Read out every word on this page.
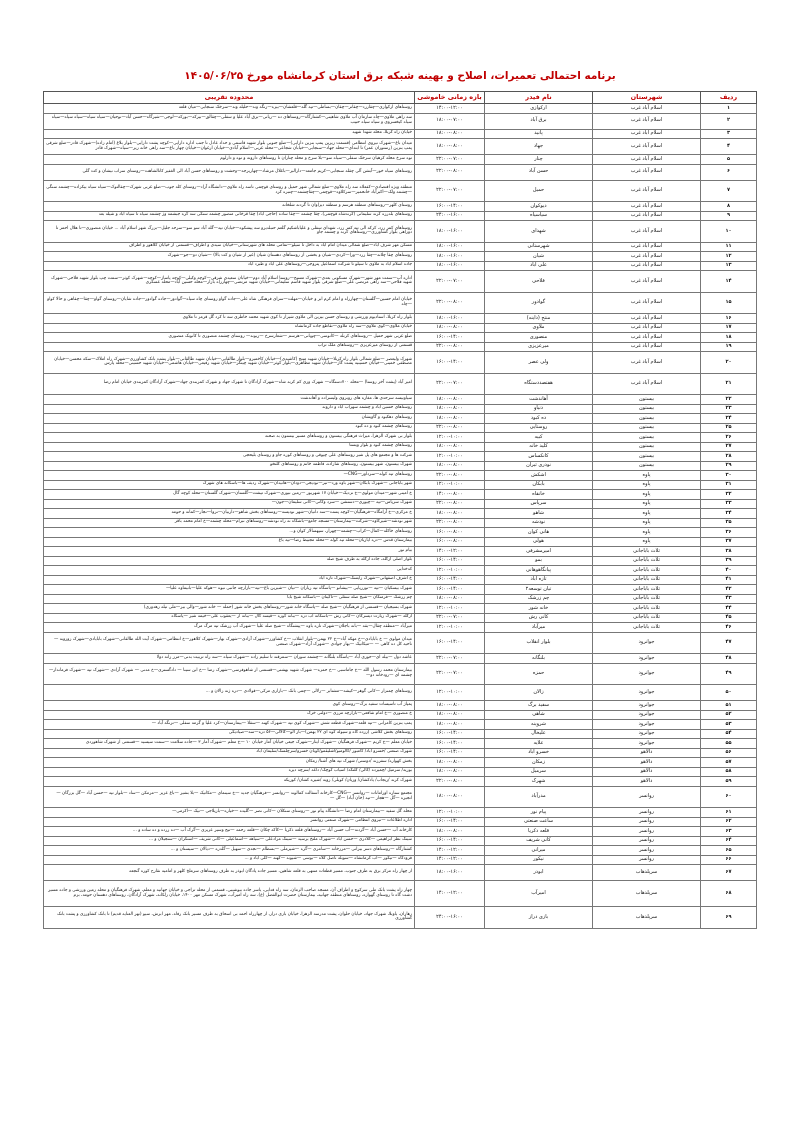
برنامه احتمالی تعمیرات، اصلاح و بهینه شبکه برق استان کرمانشاه مورخ ۱۴۰۵/۰۶/۲۵
ردیف	شهرستان	نام فیدر	بازه زمانی خاموشی	محدوده تقریبی
۱	اسلام آباد غرب	ارکوازی	۱۴:۰۰-۱۲:۰۰	روستاهای ارکوازی—چقازرد—چقانر—چقان—بساطی—تپه گله—قلعشان—بیزه—زنگه وند—حلیله وند—سرخک سنجابی—میان قلعه
۲	اسلام آباد غرب	برق آباد	۱۸:۰۰-۰۷:۰۰	سه راهی ملاوی—چاه سازمان آب ملاوی شاهینی—کشتارگاه—روستاهای ده —ریانی—برق آباد علیا و سفلی—چقالق—بیرکه—بورکه—لوجی—شیرگاه—حسن آباد—نوحیان—سیاه سیاه—سیاه سیاه—سیاه سیاه کیخسروی و سیاه سیاه حبیب
۳	اسلام آباد غرب	پانید	۱۸:۰۰-۰۸:۰۰	خیابان راه کربلا، محله شهدا شهید
۴	اسلام آباد غرب	جهاد	۱۸:۰۰-۰۸:۰۰	میدان باغ—شهرک نیروی انتظامی (قسمت زیرین پمپ بنزین دارایی)—ضلع جنوبی بلوار شهید قاسمی و حداد عادل تا جنب اداره دارایی—کوچه پشت دارایی—بلوار بلاغ (امام زاده)—شهرک قادر—ضلع شرقی پمپ بنزین (رستوران عمر) تا ابتدای—محله جهاد—سنجابی—خیابان شجاعی—محله غربی—اسلام آبادی—خیابان ارغوان—خیابان چهار باغ—سه راهی خانه زیر—سیاه—شهرک قادر
۵	اسلام آباد غرب	چنار	۲۲:۰۰-۰۷:۰۰	توه سرخ محله کرهیان سرخک سفلی—سیاه سو—بلا سرخ و محله چناران تا روستاهای دارونه و توه و دارلوم
۶	اسلام آباد غرب	حسن آباد	۲۲:۰۰-۰۸:۰۰	روستاهای سیاه خور—آبشن آلی چقله سنجابی—کریم جامعه—دارالبر—باغلال مرشاد—چهاربرجه—وحشت و روستاهای حسن آباد الی الغفیر کانالشاهت—روستای سراب نیشان و کت گلی
۷	اسلام آباد غرب	حمیل	۲۲:۰۰-۰۷:۰۰	منطقه ویژه اقتصادی—کفعلاه سه راه ملاوی—ضلع شمالی شهر حمیل و روستای قوچمی تاسه راه ملاوی—دانشگاه آزاد—روستای کله جوب—ضلع غربی شهرک—چقالتوک—سیاه سیاه بیکزاده—چشمه سنگی—چشمه ولک—اکبرآباد خانحمیر—سرکلاوه—قوچمی—چقاچشمه—چنبره کرد
۸	اسلام آباد غرب	دیوکوان	۱۶:۰۰-۱۴:۰۰	روستای کلهر—روستاهای منطقه هرسم و منطقه دیزاوان تا گردنه شلخانه
۹	اسلام آباد غرب	سیاسیاه	۲۴:۰۰-۱۶:۰۰	روستاهای بلدرزه کرند سلیمانی (کرندشاه قوچمی)، چقا چشمه —چقا ساده (حاجی آباد) چقا قرخانی منصور چشمه سنگی سه گره جبشمه وژ چشمه سیاه تا سیاه آباد و شیله بعد
۱۰	اسلام آباد غرب	شهدای	۱۸:۰۰-۱۶:۰۰	روستاهای کمر زرد، کرکه الی تپه کمر زرد، شهدای سفلی و علیاباشکیم گلعم حنبلدیرو سه پیشکوه—خیابان تپه—گله آباد سو سو—سرحد جلیل—بزرگ شهر اسلام آباد ... خیابان منصوری—تا هلال احمر تا دوراهی بلوار کشاورزی—روستاهای کرند و چشمه جاو
۱۱	اسلام آباد غرب	شهرستانی	۱۸:۰۰-۱۶:۰۰	مسکن مهر شرف آباد—ضلع شمالی میدان امام آباد به داخل تا سیلو—تمامی محله های شهرستانی—خیابان سیدی و اطراف—قسمتی از خیابان کلاهور و اطراف
۱۲	اسلام آباد غرب	شیان	۱۸:۰۰-۱۶:۰۰	روستاهای چقا چلانه—چقا زرد—ورا—کردی—شیان و بخشی از روستاهای دهستان شیان (غیر از شیان و کت بالا) —شیان دو—جو—شهرک
۱۳	اسلام آباد غرب	علی آباد	۱۸:۰۰-۱۶:۰۰	جاده اسلام آباد به ملاوی تا سیلو تا شرکت اسماعیل پتروجی—روستاهای علی آباد و طبرد آباد
۱۴	اسلام آباد غرب	فلاحی	۲۲:۰۰-۰۷:۰۰	اداره آب—سمت مهر شهر—شهرک مسکونی بعدی—شهرک مسیح—روستا اسلام آباد دوم—خیابان سعیدی شرقی—کوچه وکیلی—کوچه پاساژ—کوچه—شهرک کوثر—سمت چپ بلوار شهید فلاحی—شهرک شهید فلاحی—سه راهی مرتضی علی—ضلع شرقی بلوار شهید قاسم سلیمانی—خیابان شهید مرتضی—چهارراه بازار—محله حسین آباد—محله عسکری
۱۵	اسلام آباد غرب	گوادور	۲۲:۰۰-۰۸:۰۰	خیابان امام حسین—گلستان—چهارراه و امام کرم ابر و خیابان—مهلت—سرای فرهنگی شاه علی—جاده گواو روستای چاه سیاه—گوادور—جاده گوادور—جاده شایان—روستای گواو—چقا—چقاهی و حالا کواو—چاه
۱۶	اسلام آباد غرب	منتج (داینه)	۱۸:۰۰-۱۶:۰۰	بلوار راه کربلا، استادیوم ورزشی و روستای حسن بیزین الی ملاوی شیراز تا کوی شهید محمد خاطری سه تا کرد گل قرمز تا ملاوی
۱۷	اسلام آباد غرب	ملاوی	۱۸:۰۰-۰۸:۰۰	خیابان ملاوی—کوی ملاوی—سه راه ملاوی—تقاطع جاده کرمانشاه
۱۸	اسلام آباد غرب	منصوری	۱۶:۰۰-۱۴:۰۰	ضلع غربی شهر حمیل —روستاهای کرنله —کانوسی—چوپانی—هرسم —شعارسرخ —زبوند— روستای چشمه منصوری تا کانونک منصوری
۱۹	اسلام آباد غرب	میرعزیزی	۲۲:۰۰-۰۸:۰۰	قسمتی از روستای میرعزیزی —روستاهای ملک تراب
۲۰	اسلام آباد غرب	ولی عصر	۱۶:۰۰-۱۴:۰۰	شهرک ولیعصر —ضلع شمالی بلوار راه کربلا—خیابان شهید منتج (کاشیدی)—خیابان کاخمیرو—بلوار طالقانی—خیابان شهید طالقانی—بلوار پشت بانک کشاورزی—شهرک راه املاک—سکه محسن—خیابان مصطفی خمینی—خیابان حسینیه پشت گاز—خیابان شهید مظاهری—بلوار کوثر—خیابان شهید چیتگر—خیابان شهید رفیعی—خیابان هاشمی—خیابان شهید حسینی—محله پارس
۲۱	اسلام آباد غرب	هفتصددستگاه	۲۲:۰۰-۰۷:۰۰	امیر آباد (پشت آخر روستا) —محله ۷۰۰دستگاه— شهرک وزی کم کرند شاه—شهرک آزادگان تا شهرک جهاد و شهرک کمربندی جهاد—شهرک آزادگان کمربندی خیابان امام رضا
۲۲	بیستون	آهاندشت	۱۸:۰۰-۰۸:۰۰	سیاونیسه سرحدی ها، مغازه های روبروی ولیسراده و آهاندشت
۲۳	بیستون	دنیاو	۱۸:۰۰-۰۸:۰۰	روستاهای حسین آباد و چشمه سهراب آباد و داروند
۲۴	بیستون	ده کبود	۱۸:۰۰-۰۸:۰۰	روستاهای دهکبود و گاویشان
۲۵	بیستون	روستایی	۲۲:۰۰-۰۸:۰۰	روستاهای چشمه کبود و ده کبود
۲۶	بیستون	کبیه	۱۲:۰۰-۱۰:۰۰	بلوار بی شهرک الزهرا، میراث فرهنگی بیستون و روستاهای مسیر بیستون به صحنه
۲۷	بیستون	کلید خانه	۱۸:۰۰-۰۸:۰۰	روستاهای چشمه کبود و بلوار ویستا
۲۸	بیستون	کانکساس	۱۲:۰۰-۱۰:۰۰	شرکت ها و مجتمع های پل شیر روستاهای علی چپوقی و روستاهای کوره جاو و روستای بلیحجی
۲۹	بیستون	نوذری ثیران	۱۸:۰۰-۰۸:۰۰	شهرک بیستون، شهر بیستون، روستاهای شازاده، فاطمه خانم و روستاهای کلنخو
۳۰	پاوه	اشکش	۲۲:۰۰-۰۸:۰۰	روستاهای تپه کوله—سرداور—CNG—
۳۱	پاوه	بابکان	۱۲:۰۰-۱۰:۰۰	شهر باباجانی —شهرک بابکان—شهر باوه ورد—نیر—نودیجی—دودان—هانیدان—شهرک ردیف ها—باسکانه های شهرک
۳۲	پاوه	خانقاه	۱۴:۰۰-۰۸:۰۰	خ امینی شهر—میدان مولوی—خ نزدیک—خیابان ۱۷ شهریور —زمین نیوری—شهرک تپشت—گلستان—شهرک گلستان—محله کوچه گال
۳۳	پاوه	سرپاس	۲۲:۰۰-۰۸:۰۰	شهرک سرپاس—تپه —چپوری—دستشن —سرد وگانی—کانی سلیمان—جون—
۳۴	پاوه	شاهو	۱۸:۰۰-۰۸:۰۰	خ مرکزی—خ آرامگاه—فرهنگیان—کوچه پست—سه دانیان—شهر نودیسه—روستاهای بخش شاهو—داربیان—نروا—نجار—کمانه و حومه
۳۵	پاوه	نودشه	۲۲:۰۰-۰۸:۰۰	شهر نودشه—شیرکاوه—شرکت—بیمارستان—مسجد جامع—باشگاه نه راه نودشه—روستاهای نبرام—محله چشمه—خ امام محمد باقر
۳۶	پاوه	هانی کوان	۱۶:۰۰-۰۸:۰۰	روستاهای خاکله—کمال—کراب—چشمه—چهرار، سپهسالار کوان و...
۳۷	پاوه	هولی	۱۶:۰۰-۰۸:۰۰	بیمارستان قدس —دره ایازیان—محله تپه کوله —محله مجبیط رضا—تپه باغ
۳۸	ثلاث باباجانی	امیرمشرفی	۱۴:۰۰-۱۲:۰۰	بیام نور
۳۹	ثلاث باباجانی	بمو	۱۶:۰۰-۱۴:۰۰	بلوار اصلی ازگله، جاده ازگله به طرف شیخ صله
۴۰	ثلاث باباجانی	پیانگاهوهانی	۱۲:۰۰-۱۰:۰۰	کدخدایی
۴۱	ثلاث باباجانی	تازه آباد	۱۶:۰۰-۱۴:۰۰	خ اشرف اصفهانی—شهرک زایسک—شهرک تازه آباد
۴۲	ثلاث باباجانی	تیان توسعه۲	۱۶:۰۰-۱۴:۰۰	شهرک بیسکیان —تپه —نوزریایی —بیشانو —پاسگاه تپه زیاران —تیان —شیرین باغ—تپه—بازارچه جانبی نیوه —هوکه علیا—بانیماوه علیا—
۴۳	ثلاث باباجانی	چم زرشک	۱۸:۰۰-۰۸:۰۰	چم زرشک —فرمنکان —شیخ صله سفلی —تاکینان —باسکانه شیخ بابا
۴۴	ثلاث باباجانی	خانه شور	۱۲:۰۰-۱۰:۰۰	شهرک بسیجیان —قسمتی از فرهنگیان —شیخ صله —پاسگاه خانه شور—روستاهای بخش خانه شور (حمله — خانه شور—والی بیر—ملی تیله زهدوری)
۴۵	ثلاث باباجانی	کانی رش	۲۲:۰۰-۰۷:۰۰	ازگله —شهرک زیارت دیسرکان —کانی رش —باسکانه آب دره —ببانه کوره —قیسه گال —ببانه ار —یعقوب علی—خیمه شیر —پاسگاه
۴۶	ثلاث باباجانی	میرآباد	۱۲:۰۰-۱۰:۰۰	میرآباد —منطقه چقال—بقه —بانه باجلان—شهرک تازه باوه —پیشنگاه —شیخ صله علیا —شهرک آب زرشک تپه مرگ مرگ
۴۷	جوانرود	بلوار انقلاب	۱۶:۰۰-۱۴:۰۰	میدان مولوی — خ بابایادی—خ مهکه آباد—خ ۲۲ بهمن—بلوار انقلاب —خ کشاورز—شهرک آزادی—شهرک بهار—شهرک کلاهور—خ انتظامی—شهرک آیت الله طالقانی—شهرک بابایادی—شهرک زوزوبه —ناحیه کل ده کاهی — —میکانیک —بهار جوادی —شهرک آزاد—شهرک صنعتی
۴۸	جوانرود	بلنگانه	۲۲:۰۰-۰۷:۰۰	عاشه دول —بیله ای—حوری آباد —پاسگاه بلنگانه —چشمه سوران —سمرقند تا سلیم زاده —شهرک سیاه —سه راه تربیت بدنی—مرز زانه دولا
۴۹	جوانرود	حمزه	۲۲:۰۰-۰۷:۰۰	بیمارستان محمد رسول الله —خ جاماسبی —خ حمزه— شهرک شهید بهشتی—قسمتی از شاهوفرسی—شهرک رضا —خ ابن سینا — دادگستری—خ مدنی — شهرک آزادی —شهرک تپه —شهرک فرماندار—چشمه ای —رودخانه دو—
۵۰	جوانرود	زالان	۱۲:۰۰-۱۰:۰۰	روستاهای چمنزار —کانی گوهر—کیشه—مشتابر —زلالی —چمی بانک —بازاری مرکی—قولادی —دره ژنه زالان و ...
۵۱	جوانرود	سفید برگ	۱۸:۰۰-۰۸:۰۰	پمپاژ آب تاسیسات سفید برگ—روستای کوی
۵۲	جوانرود	شاهی	۱۸:۰۰-۰۸:۰۰	خ منصوری —خ امام شافعی—بازارچه مرزی —دولنی خرگ
۵۳	جوانرود	شروینه	۱۸:۰۰-۰۸:۰۰	پمپ بنزین کامرانی —تپه قلعه—شهرک قطعه شش —شهرک کوی تپه —شهرک کهنه —سقلا —بیمارستان—کرد علیا و گرمه سفلی —ترنگه آباد —
۵۴	جوانرود	علیخال	۱۶:۰۰-۱۴:۰۰	روستاهای بخش کلاشی (زرده گاه و سیوله کوه ای ۲۲ بهمن)—بار الو—گالالی—۵۶ دره—سه—صیادیکی
۵۵	جوانرود	علایه	۱۶:۰۰-۱۴:۰۰	خیابان معلم —خ کریم —شهرک فرهنگیان —شهرک ایثار—شهرک جیعی خیابان آمار خیابان ۱۰ —خ معلم —شهرک آمار ۳ —جاده سلامت —سمت سیسید —قسمتی از شهرک شاهوردی
۵۶	دالاهو	خسرو آباد	۱۶:۰۰-۱۴:۰۰	شهرک صنعتی /خسرو آباد/ گامبوز /کالومبو/اشلیقمو/گوبان خسرو/سرچلسک/سلیمان آباد
۵۷	دالاهو	زمکان	۱۸:۰۰-۰۸:۰۰	بخش کهواره/ سفرزند /دوستی/ شهرک تپه های آشنا/ زمکان
۵۸	دالاهو	سرمیل	۱۸:۰۰-۰۸:۰۰	بوریه/ سرمیل /چمیرده /کالی/ کلنگه/ آسیاب کوچک/ داغه /سرچه دیره
۵۹	دالاهو	شهرک	۲۲:۰۰-۰۸:۰۰	شهرک کرند /ریجاب/ یادکشان/ وزیان/ کویلی/ زوبه /شیره کشان/ کوزیکه
۶۰	روانسر	مدرآباد	۱۸:۰۰-۰۸:۰۰	مجتمع ستاره اورامانات —روانسر —CNG—کارخانه آسفالت کمالوند —روانسر —فرهنگیان جدید —خ سینمای —مکانیک —بلا بشیر —باغ عزیز —مرمکن —ساد —بلوار تپه —حسن آباد —گل بزرگان —انجیره —گل —هجار —تپه (خان آباد) —گل —
۶۱	روانسر	پیام نور	۱۲:۰۰-۱۰:۰۰	محله گل سفید —بیمارستان امام رضا —دانشگاه پیام نور —روستای سنکلان —کانی نصر —گلیده —خیاره—بازیلاجی —نیک —اکرمی—
۶۲	روانسر	ساعت صنعتی	۱۶:۰۰-۱۴:۰۰	اداره اطلاعات —نیروی انتظامی —شهرک صنعتی روانسر
۶۳	روانسر	قلعه ذکریا	۱۸:۰۰-۰۸:۰۰	کارخانه آب —حسن آباد —گردنه—آب حسن آباد —روستاهای قلعه ذکریا —کاکه چکان —قلعه رحمه —تیج وسیر عزیزی —گرک آب —ده زرده و ده ساده و ...
۶۴	روانسر	کانی شریف	۱۶:۰۰-۱۴:۰۰	سینگ نظر ابراهیمی —کلادری —حسن آباد —شهرک ملتخ برسید —سینگ مرادعلی —سیاهه —اسماعیلی —کانی شریف —آسنکران —سنجیلان و ...
۶۵	روانسر	میرانی	۱۴:۰۰-۱۲:۰۰	کشتارگاه —روستاهای دسر بیرانی —مرزخانه —سامری —گره —شیرملی —بسطام —نجدی —سهیل —گلدره —دیالان —سیستان و ...
۶۶	روانسر	نیکور	۱۴:۰۰-۱۲:۰۰	فرودگاه —نیکور —آب کرمانشاه —سوبله ناصل کلاه —بوسی —شیوند —کهنه —کلی آباد و ...
۶۷	سرپلذهاب	ابوذر	۱۸:۰۰-۱۶:۰۰	از چهار راه مرکز برق به طرف جنوب، مسیر قطعات منتهی به قلعه شاهین، مسیر جاده پادگان ابوذر به طرف روستاهای سرملخ کلهر و امامیه نقارح کوره گنجعه
۶۸	سرپلذهاب	امیرآب	۱۴:۰۰-۱۲:۰۰	چهار راه پشت بانک ملی سرکوچ و اطراف آن، مسجد صاحب الزمان، سه راه فدایی، یاسر جاده بیوشیبی، قسمتی از محله تراجی و خیابان جهانیه و معلم، شهرک فرهنگیان و محله زمین ورزشی و جاده مسیر دشت گاه تا روستای گهواره، روستاهای منطقه جهانیه، بیمارستان حضرت ابوالفضل (ع)، سه راه امیرآب، شهرک مسکن مهر ۱۴۰۰، خیابان زلکانه، شهرک آزادگان، روستاهای دهستان حومه، بزم
۶۹	سرپلذهاب	بازی دراز	۲۴:۰۰-۱۶:۰۰	زهاران، یاوبلا، شهرک جهاد، خیابان حلوان، پشت مدرسه الزهرا، خیابان بازی دراز، از چهارراه احمد بی اسحاق به طرف مسیر بانک رفاه، مهر ابرش، سیو (نهر العنایه قدیم) تا بانک کشاورزی و پشت بانک کشاورزی
